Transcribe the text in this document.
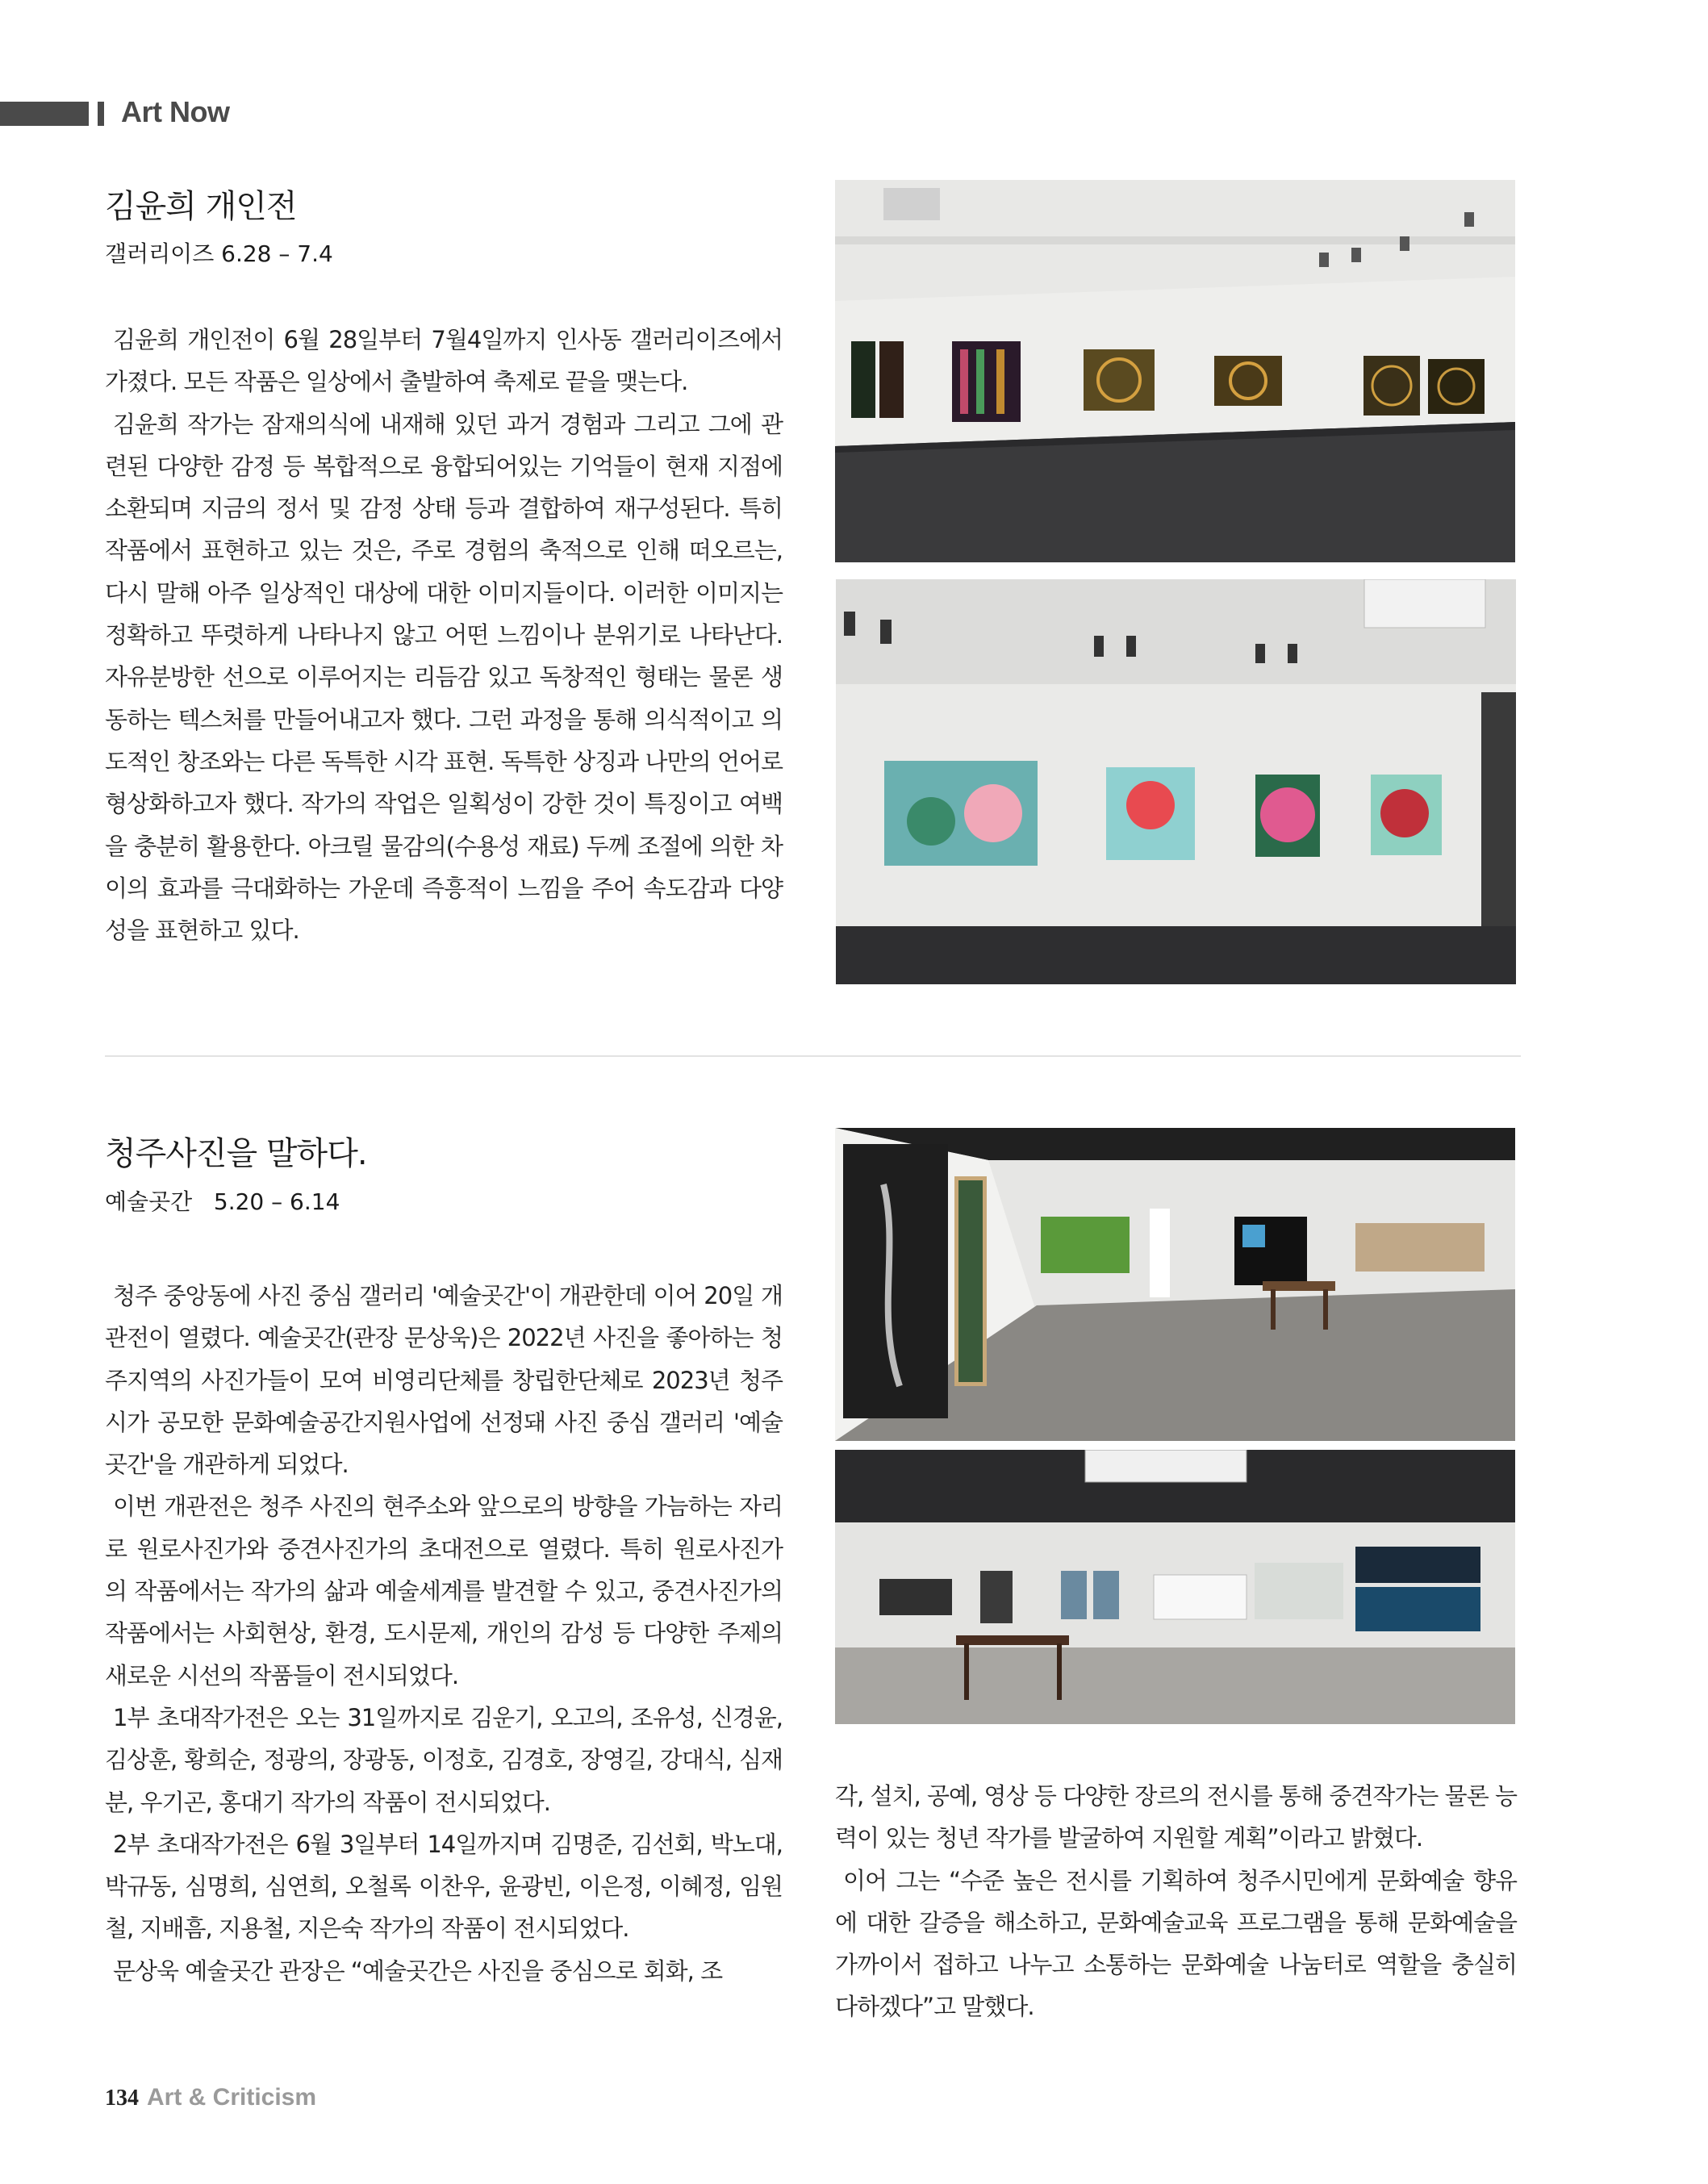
Art Now
김윤희 개인전
갤러리이즈 6.28 – 7.4

김윤희 개인전이 6월 28일부터 7월4일까지 인사동 갤러리이즈에서 가졌다. 모든 작품은 일상에서 출발하여 축제로 끝을 맺는다.

김윤희 작가는 잠재의식에 내재해 있던 과거 경험과 그리고 그에 관련된 다양한 감정 등 복합적으로 융합되어있는 기억들이 현재 지점에 소환되며 지금의 정서 및 감정 상태 등과 결합하여 재구성된다. 특히 작품에서 표현하고 있는 것은, 주로 경험의 축적으로 인해 떠오르는, 다시 말해 아주 일상적인 대상에 대한 이미지들이다. 이러한 이미지는 정확하고 뚜렷하게 나타나지 않고 어떤 느낌이나 분위기로 나타난다. 자유분방한 선으로 이루어지는 리듬감 있고 독창적인 형태는 물론 생동하는 텍스처를 만들어내고자 했다. 그런 과정을 통해 의식적이고 의도적인 창조와는 다른 독특한 시각 표현. 독특한 상징과 나만의 언어로 형상화하고자 했다. 작가의 작업은 일획성이 강한 것이 특징이고 여백을 충분히 활용한다. 아크릴 물감의(수용성 재료) 두께 조절에 의한 차이의 효과를 극대화하는 가운데 즉흥적이 느낌을 주어 속도감과 다양성을 표현하고 있다.

청주사진을 말하다.
예술곳간   5.20 – 6.14

청주 중앙동에 사진 중심 갤러리 '예술곳간'이 개관한데 이어 20일 개관전이 열렸다. 예술곳간(관장 문상욱)은 2022년 사진을 좋아하는 청주지역의 사진가들이 모여 비영리단체를 창립한단체로 2023년 청주시가 공모한 문화예술공간지원사업에 선정돼 사진 중심 갤러리 '예술곳간'을 개관하게 되었다.

이번 개관전은 청주 사진의 현주소와 앞으로의 방향을 가늠하는 자리로 원로사진가와 중견사진가의 초대전으로 열렸다. 특히 원로사진가의 작품에서는 작가의 삶과 예술세계를 발견할 수 있고, 중견사진가의 작품에서는 사회현상, 환경, 도시문제, 개인의 감성 등 다양한 주제의 새로운 시선의 작품들이 전시되었다.

1부 초대작가전은 오는 31일까지로 김운기, 오고의, 조유성, 신경윤, 김상훈, 황희순, 정광의, 장광동, 이정호, 김경호, 장영길, 강대식, 심재분, 우기곤, 홍대기 작가의 작품이 전시되었다.

2부 초대작가전은 6월 3일부터 14일까지며 김명준, 김선회, 박노대, 박규동, 심명희, 심연희, 오철록 이찬우, 윤광빈, 이은정, 이혜정, 임원철, 지배흠, 지용철, 지은숙 작가의 작품이 전시되었다.

문상욱 예술곳간 관장은 “예술곳간은 사진을 중심으로 회화, 조

각, 설치, 공예, 영상 등 다양한 장르의 전시를 통해 중견작가는 물론 능력이 있는 청년 작가를 발굴하여 지원할 계획”이라고 밝혔다.

이어 그는 “수준 높은 전시를 기획하여 청주시민에게 문화예술 향유에 대한 갈증을 해소하고, 문화예술교육 프로그램을 통해 문화예술을 가까이서 접하고 나누고 소통하는 문화예술 나눔터로 역할을 충실히 다하겠다”고 말했다.

134 Art & Criticism
